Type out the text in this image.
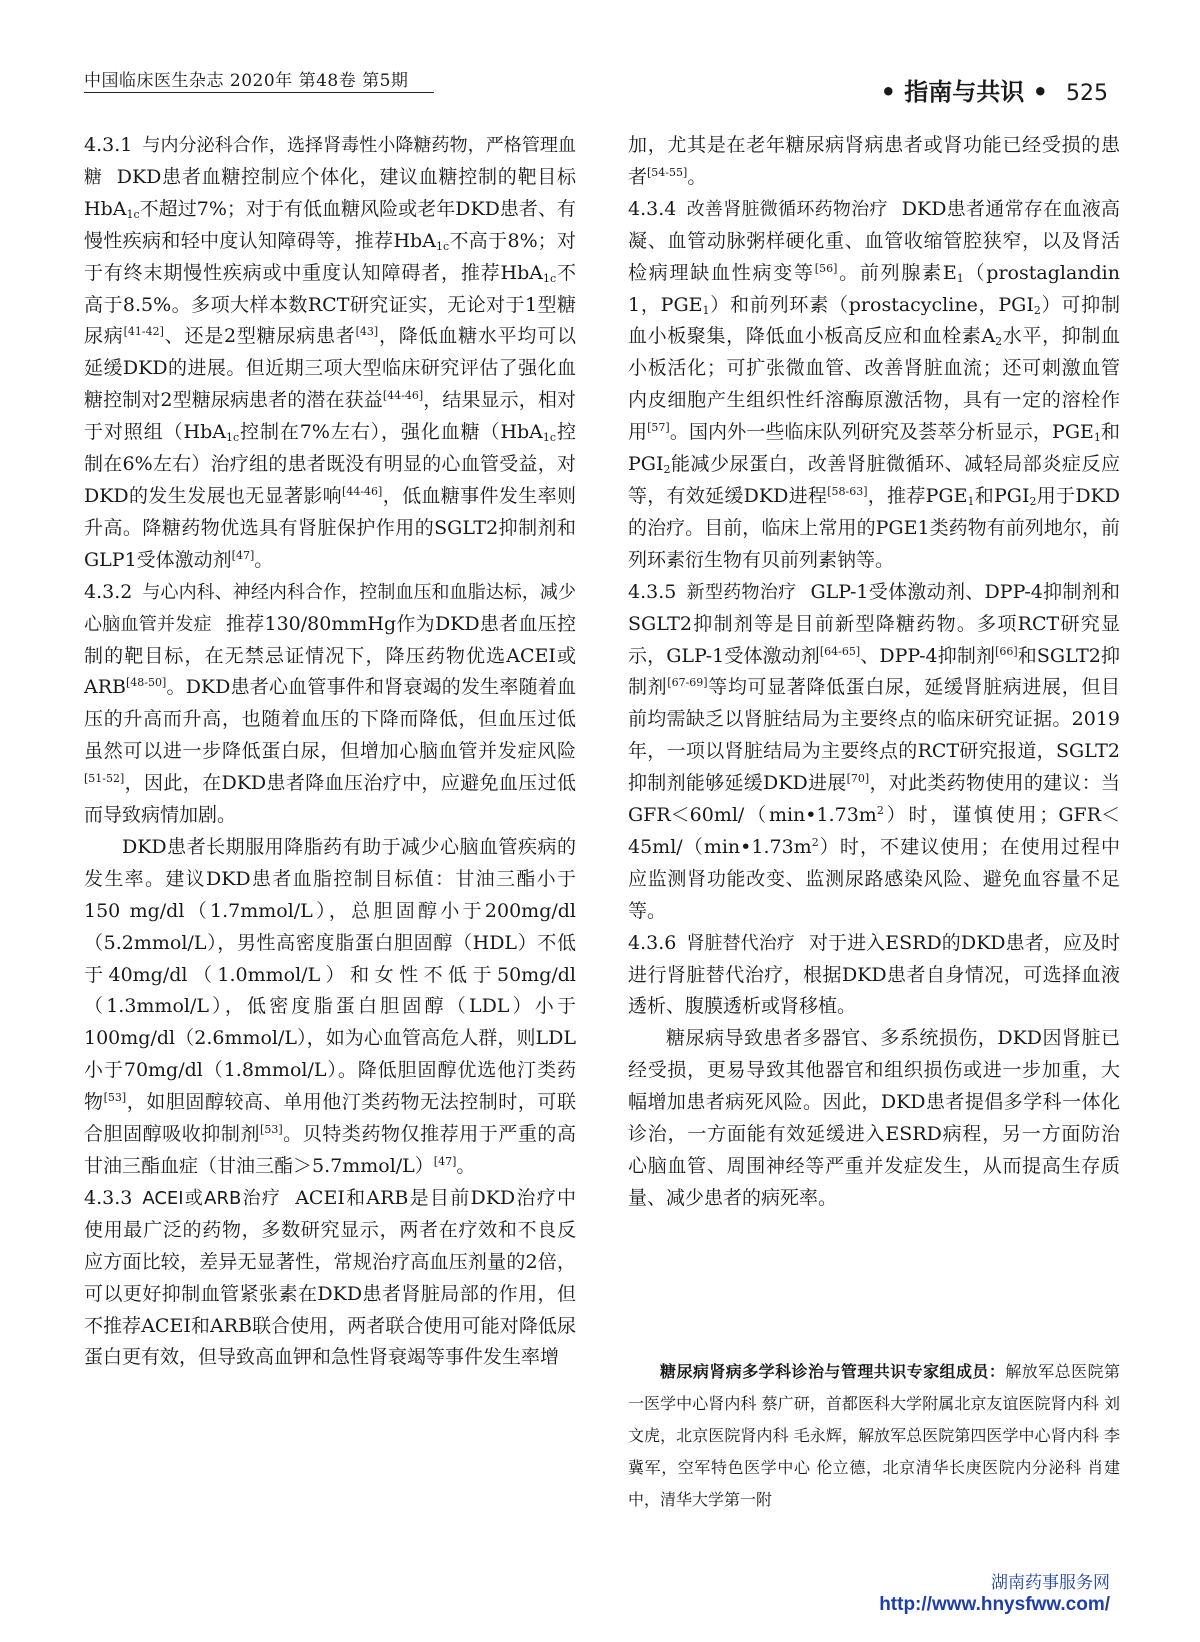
中国临床医生杂志 2020年 第48卷 第5期	• 指南与共识 • 525

4.3.1 与内分泌科合作，选择肾毒性小降糖药物，严格管理血糖 DKD患者血糖控制应个体化，建议血糖控制的靶目标HbA$_{1c}$不超过7%；对于有低血糖风险或老年DKD患者、有慢性疾病和轻中度认知障碍等，推荐HbA$_{1c}$不高于8%；对于有终末期慢性疾病或中重度认知障碍者，推荐HbA$_{1c}$不高于8.5%。多项大样本数RCT研究证实，无论对于1型糖尿病[41-42]、还是2型糖尿病患者[43]，降低血糖水平均可以延缓DKD的进展。但近期三项大型临床研究评估了强化血糖控制对2型糖尿病患者的潜在获益[44-46]，结果显示，相对于对照组（HbA$_{1c}$控制在7%左右），强化血糖（HbA$_{1c}$控制在6%左右）治疗组的患者既没有明显的心血管受益，对DKD的发生发展也无显著影响[44-46]，低血糖事件发生率则升高。降糖药物优选具有肾脏保护作用的SGLT2抑制剂和GLP1受体激动剂[47]。

4.3.2 与心内科、神经内科合作，控制血压和血脂达标，减少心脑血管并发症 推荐130/80mmHg作为DKD患者血压控制的靶目标，在无禁忌证情况下，降压药物优选ACEI或ARB[48-50]。DKD患者心血管事件和肾衰竭的发生率随着血压的升高而升高，也随着血压的下降而降低，但血压过低虽然可以进一步降低蛋白尿，但增加心脑血管并发症风险[51-52]，因此，在DKD患者降血压治疗中，应避免血压过低而导致病情加剧。

DKD患者长期服用降脂药有助于减少心脑血管疾病的发生率。建议DKD患者血脂控制目标值：甘油三酯小于150 mg/dl（1.7mmol/L），总胆固醇小于200mg/dl（5.2mmol/L），男性高密度脂蛋白胆固醇（HDL）不低于40mg/dl（1.0mmol/L）和女性不低于50mg/dl（1.3mmol/L），低密度脂蛋白胆固醇（LDL）小于100mg/dl（2.6mmol/L），如为心血管高危人群，则LDL小于70mg/dl（1.8mmol/L）。降低胆固醇优选他汀类药物[53]，如胆固醇较高、单用他汀类药物无法控制时，可联合胆固醇吸收抑制剂[53]。贝特类药物仅推荐用于严重的高甘油三酯血症（甘油三酯＞5.7mmol/L）[47]。

4.3.3 ACEI或ARB治疗 ACEI和ARB是目前DKD治疗中使用最广泛的药物，多数研究显示，两者在疗效和不良反应方面比较，差异无显著性，常规治疗高血压剂量的2倍，可以更好抑制血管紧张素在DKD患者肾脏局部的作用，但不推荐ACEI和ARB联合使用，两者联合使用可能对降低尿蛋白更有效，但导致高血钾和急性肾衰竭等事件发生率增

加，尤其是在老年糖尿病肾病患者或肾功能已经受损的患者[54-55]。

4.3.4 改善肾脏微循环药物治疗 DKD患者通常存在血液高凝、血管动脉粥样硬化重、血管收缩管腔狭窄，以及肾活检病理缺血性病变等[56]。前列腺素$E_1(prostaglandin$ 1，$PGE_1$）和前列环素（prostacycline，$PGI_2$）可抑制血小板聚集，降低血小板高反应和血栓素$A_2$水平，抑制血小板活化；可扩张微血管、改善肾脏血流；还可刺激血管内皮细胞产生组织性纤溶酶原激活物，具有一定的溶栓作用[57]。国内外一些临床队列研究及荟萃分析显示，$PGE_1$和$PGI_2$能减少尿蛋白，改善肾脏微循环、减轻局部炎症反应等，有效延缓DKD进程[58-63]，推荐$PGE_1$和$PGI_2$用于DKD的治疗。目前，临床上常用的PGE1类药物有前列地尔，前列环素衍生物有贝前列素钠等。

4.3.5 新型药物治疗 GLP-1受体激动剂、DPP-4抑制剂和SGLT2抑制剂等是目前新型降糖药物。多项RCT研究显示，GLP-1受体激动剂[64-65]、DPP-4抑制剂[66]和SGLT2抑制剂[67-69]等均可显著降低蛋白尿，延缓肾脏病进展，但目前均需缺乏以肾脏结局为主要终点的临床研究证据。2019年，一项以肾脏结局为主要终点的RCT研究报道，SGLT2抑制剂能够延缓DKD进展[70]，对此类药物使用的建议：当$GFR<60ml/(\min•1.73m^2)$时，谨慎使用；$GFR<45ml/(\min•1.73m^2)$时，不建议使用；在使用过程中应监测肾功能改变、监测尿路感染风险、避免血容量不足等。

4.3.6 肾脏替代治疗 对于进入ESRD的DKD患者，应及时进行肾脏替代治疗，根据DKD患者自身情况，可选择血液透析、腹膜透析或肾移植。

糖尿病导致患者多器官、多系统损伤，DKD因肾脏已经受损，更易导致其他器官和组织损伤或进一步加重，大幅增加患者病死风险。因此，DKD患者提倡多学科一体化诊治，一方面能有效延缓进入ESRD病程，另一方面防治心脑血管、周围神经等严重并发症发生，从而提高生存质量、减少患者的病死率。

糖尿病肾病多学科诊治与管理共识专家组成员：解放军总医院第一医学中心肾内科 蔡广研，首都医科大学附属北京友谊医院肾内科 刘文虎，北京医院肾内科 毛永辉，解放军总医院第四医学中心肾内科 李冀军，空军特色医学中心 伦立德，北京清华长庚医院内分泌科 肖建中，清华大学第一附
湖南药事服务网
http://www.hnysfww.com/
